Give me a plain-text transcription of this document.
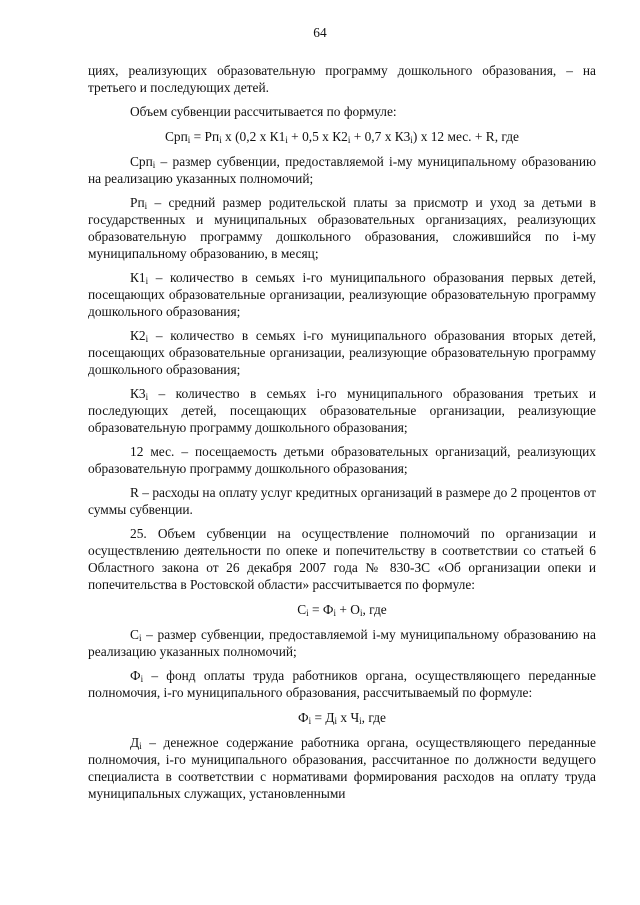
64

циях, реализующих образовательную программу дошкольного образования, – на третьего и последующих детей.

Объем субвенции рассчитывается по формуле:

$Срп_i = Рп_i$ x (0,2 x $К1_i + 0,5$ x $К2_i + 0,7$ x $К3_i$) x 12 мес. + R, где

Срп$_i$ – размер субвенции, предоставляемой i-му муниципальному образованию на реализацию указанных полномочий;

$Рп_i$ – средний размер родительской платы за присмотр и уход за детьми в государственных и муниципальных образовательных организациях, реализующих образовательную программу дошкольного образования, сложившийся по i-му муниципальному образованию, в месяц;

$К1_i$ – количество в семьях i-го муниципального образования первых детей, посещающих образовательные организации, реализующие образовательную программу дошкольного образования;

$К2_i$ – количество в семьях i-го муниципального образования вторых детей, посещающих образовательные организации, реализующие образовательную программу дошкольного образования;

$К3_i$ – количество в семьях i-го муниципального образования третьих и последующих детей, посещающих образовательные организации, реализующие образовательную программу дошкольного образования;

12 мес. – посещаемость детьми образовательных организаций, реализующих образовательную программу дошкольного образования;

R – расходы на оплату услуг кредитных организаций в размере до 2 процентов от суммы субвенции.

25. Объем субвенции на осуществление полномочий по организации и осуществлению деятельности по опеке и попечительству в соответствии со статьей 6 Областного закона от 26 декабря 2007 года № 830-ЗС «Об организации опеки и попечительства в Ростовской области» рассчитывается по формуле:

$С_i = Ф_i + О_i$, где

$С_i$ – размер субвенции, предоставляемой i-му муниципальному образованию на реализацию указанных полномочий;

$Ф_i$ – фонд оплаты труда работников органа, осуществляющего переданные полномочия, i-го муниципального образования, рассчитываемый по формуле:

$Ф_i = Д_i$ x $Ч_i$, где

$Д_i$ – денежное содержание работника органа, осуществляющего переданные полномочия, i-го муниципального образования, рассчитанное по должности ведущего специалиста в соответствии с нормативами формирования расходов на оплату труда муниципальных служащих, установленными
